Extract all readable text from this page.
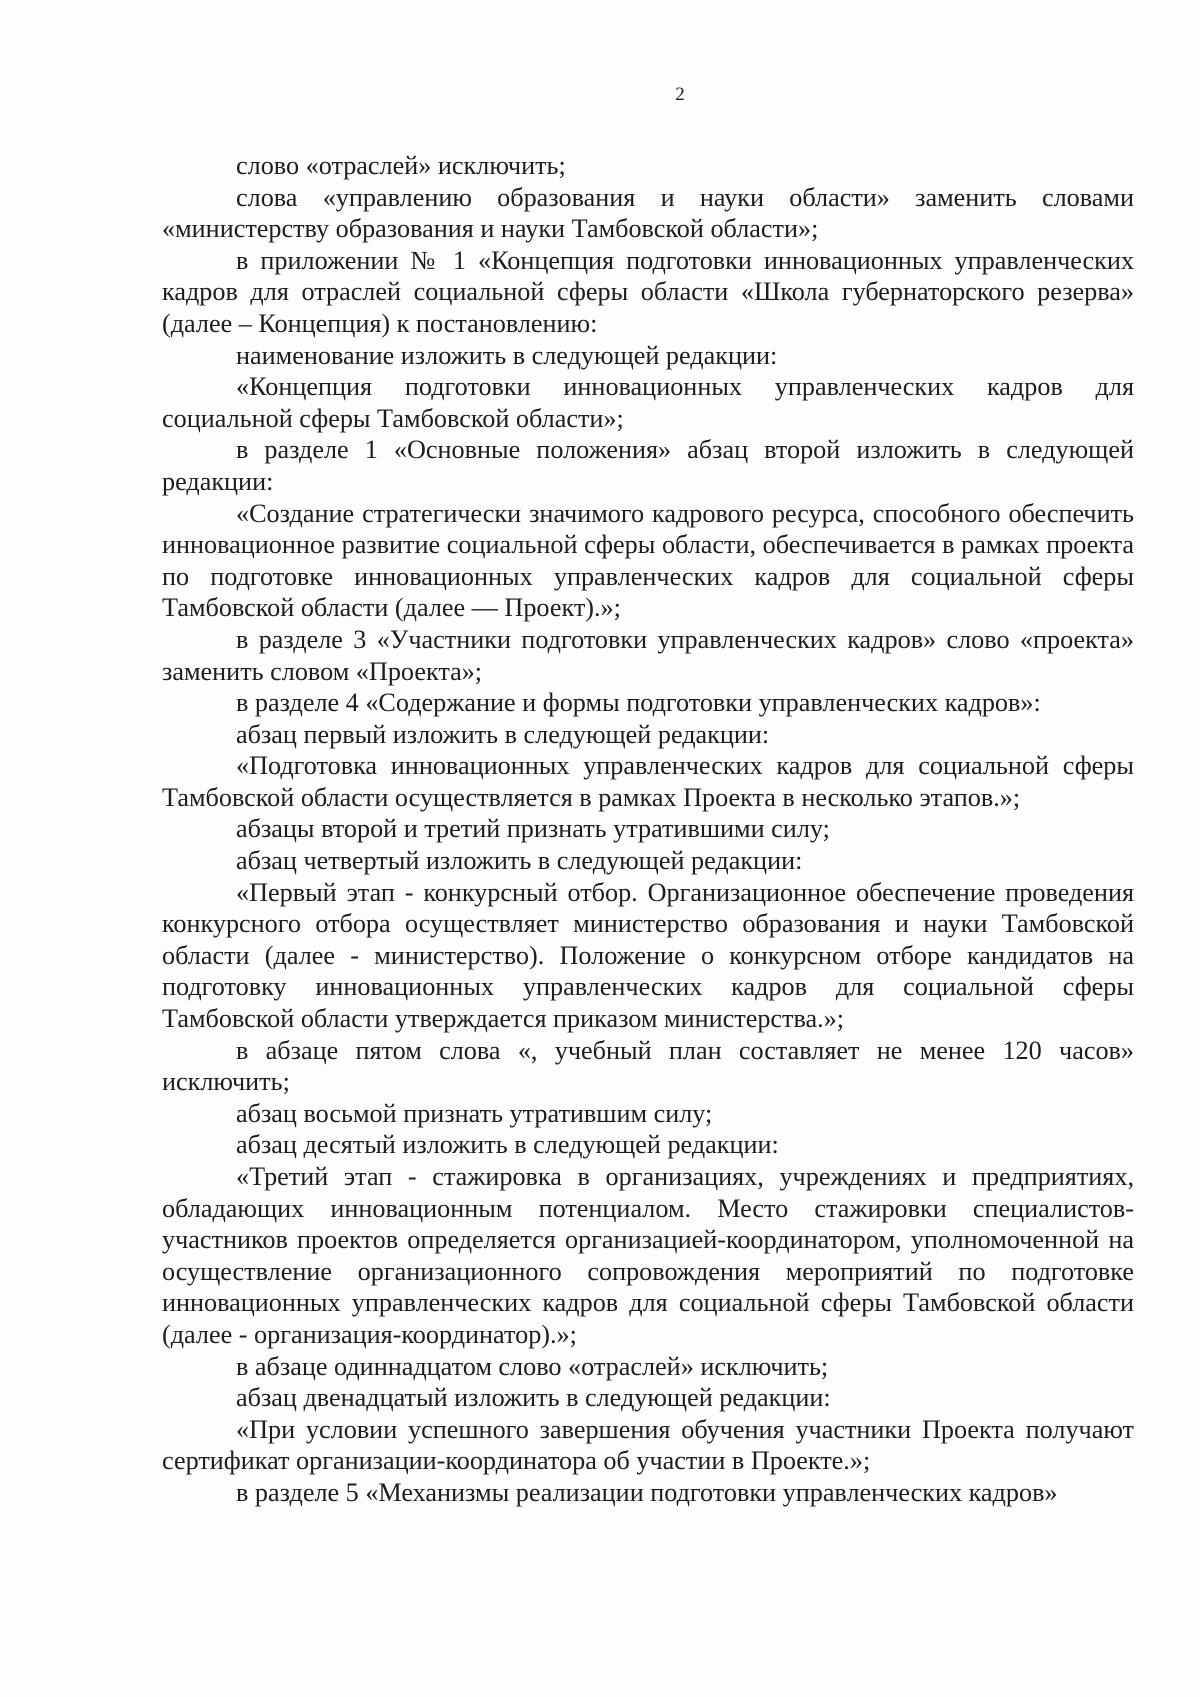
2

слово «отраслей» исключить;

слова «управлению образования и науки области» заменить словами «министерству образования и науки Тамбовской области»;

в приложении № 1 «Концепция подготовки инновационных управленческих кадров для отраслей социальной сферы области «Школа губернаторского резерва» (далее – Концепция) к постановлению:

наименование изложить в следующей редакции:

«Концепция подготовки инновационных управленческих кадров для социальной сферы Тамбовской области»;

в разделе 1 «Основные положения» абзац второй изложить в следующей редакции:

«Создание стратегически значимого кадрового ресурса, способного обеспечить инновационное развитие социальной сферы области, обеспечивается в рамках проекта по подготовке инновационных управленческих кадров для социальной сферы Тамбовской области (далее — Проект).»;

в разделе 3 «Участники подготовки управленческих кадров» слово «проекта» заменить словом «Проекта»;

в разделе 4 «Содержание и формы подготовки управленческих кадров»:

абзац первый изложить в следующей редакции:

«Подготовка инновационных управленческих кадров для социальной сферы Тамбовской области осуществляется в рамках Проекта в несколько этапов.»;

абзацы второй и третий признать утратившими силу;

абзац четвертый изложить в следующей редакции:

«Первый этап - конкурсный отбор. Организационное обеспечение проведения конкурсного отбора осуществляет министерство образования и науки Тамбовской области (далее - министерство). Положение о конкурсном отборе кандидатов на подготовку инновационных управленческих кадров для социальной сферы Тамбовской области утверждается приказом министерства.»;

в абзаце пятом слова «, учебный план составляет не менее 120 часов» исключить;

абзац восьмой признать утратившим силу;

абзац десятый изложить в следующей редакции:

«Третий этап - стажировка в организациях, учреждениях и предприятиях, обладающих инновационным потенциалом. Место стажировки специалистов-участников проектов определяется организацией-координатором, уполномоченной на осуществление организационного сопровождения мероприятий по подготовке инновационных управленческих кадров для социальной сферы Тамбовской области (далее - организация-координатор).»;

в абзаце одиннадцатом слово «отраслей» исключить;

абзац двенадцатый изложить в следующей редакции:

«При условии успешного завершения обучения участники Проекта получают сертификат организации-координатора об участии в Проекте.»;

в разделе 5 «Механизмы реализации подготовки управленческих кадров»
